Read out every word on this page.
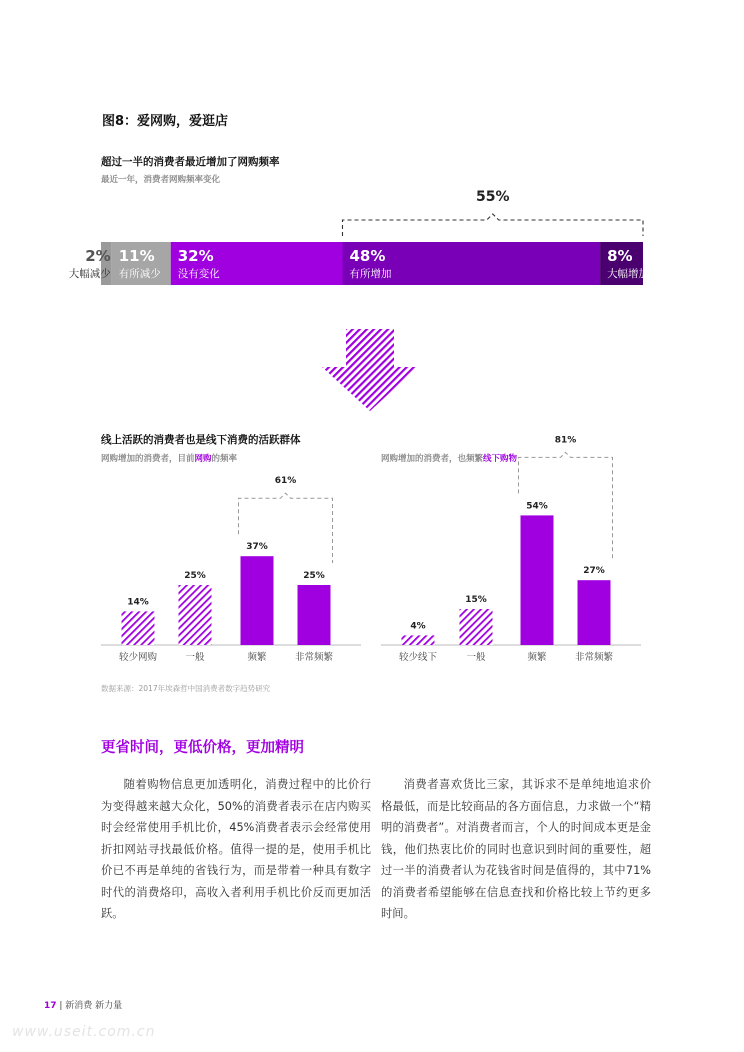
图8：爱网购，爱逛店
超过一半的消费者最近增加了网购频率
最近一年，消费者网购频率变化
2%
大幅减少
11%
有所减少
32%
没有变化
48%
有所增加
8%
大幅增加
55%
线上活跃的消费者也是线下消费的活跃群体
网购增加的消费者，目前网购的频率	网购增加的消费者，也频繁线下购物
14%
较少网购
25%
一般
37%
频繁
25%
非常频繁
61%
4%
较少线下
15%
一般
54%
频繁
27%
非常频繁
81%
数据来源：2017年埃森哲中国消费者数字趋势研究
更省时间，更低价格，更加精明
随着购物信息更加透明化，消费过程中的比价行为变得越来越大众化，50%的消费者表示在店内购买时会经常使用手机比价，45%消费者表示会经常使用折扣网站寻找最低价格。值得一提的是，使用手机比价已不再是单纯的省钱行为，而是带着一种具有数字时代的消费烙印，高收入者利用手机比价反而更加活跃。
消费者喜欢货比三家，其诉求不是单纯地追求价格最低，而是比较商品的各方面信息，力求做一个“精明的消费者”。对消费者而言，个人的时间成本更是金钱，他们热衷比价的同时也意识到时间的重要性，超过一半的消费者认为花钱省时间是值得的，其中71%的消费者希望能够在信息查找和价格比较上节约更多时间。
17 | 新消费 新力量
www.useit.com.cn
